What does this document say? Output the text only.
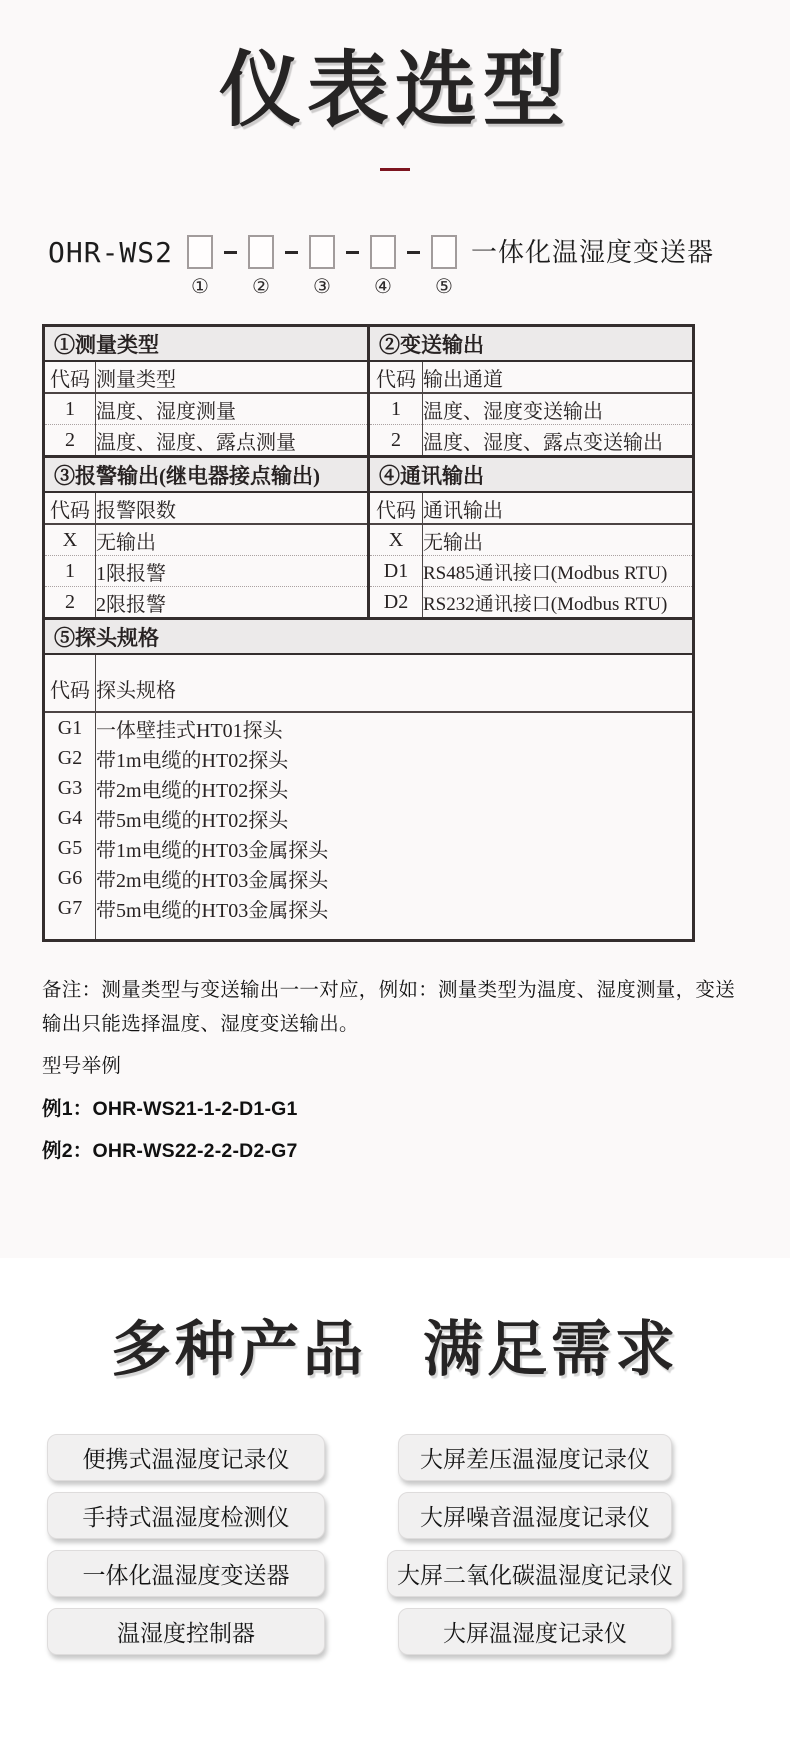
仪表选型
OHR-WS2
① ② ③ ④ ⑤
一体化温湿度变送器
①测量类型		②变送输出	
代码	测量类型	代码	输出通道
1	温度、湿度测量	1	温度、湿度变送输出
2	温度、湿度、露点测量	2	温度、湿度、露点变送输出
③报警输出(继电器接点输出)		④通讯输出	
代码	报警限数	代码	通讯输出
X	无输出	X	无输出
1	1限报警	D1	RS485通讯接口(Modbus RTU)
2	2限报警	D2	RS232通讯接口(Modbus RTU)
⑤探头规格			
代码	探头规格		
G1	一体壁挂式HT01探头		
G2	带1m电缆的HT02探头		
G3	带2m电缆的HT02探头		
G4	带5m电缆的HT02探头		
G5	带1m电缆的HT03金属探头		
G6	带2m电缆的HT03金属探头		
G7	带5m电缆的HT03金属探头		

备注：测量类型与变送输出一一对应，例如：测量类型为温度、湿度测量，变送输出只能选择温度、湿度变送输出。

型号举例

例1：OHR-WS21-1-2-D1-G1

例2：OHR-WS22-2-2-D2-G7

多种产品 满足需求
便携式温湿度记录仪	大屏差压温湿度记录仪
手持式温湿度检测仪	大屏噪音温湿度记录仪
一体化温湿度变送器	大屏二氧化碳温湿度记录仪
温湿度控制器	大屏温湿度记录仪
